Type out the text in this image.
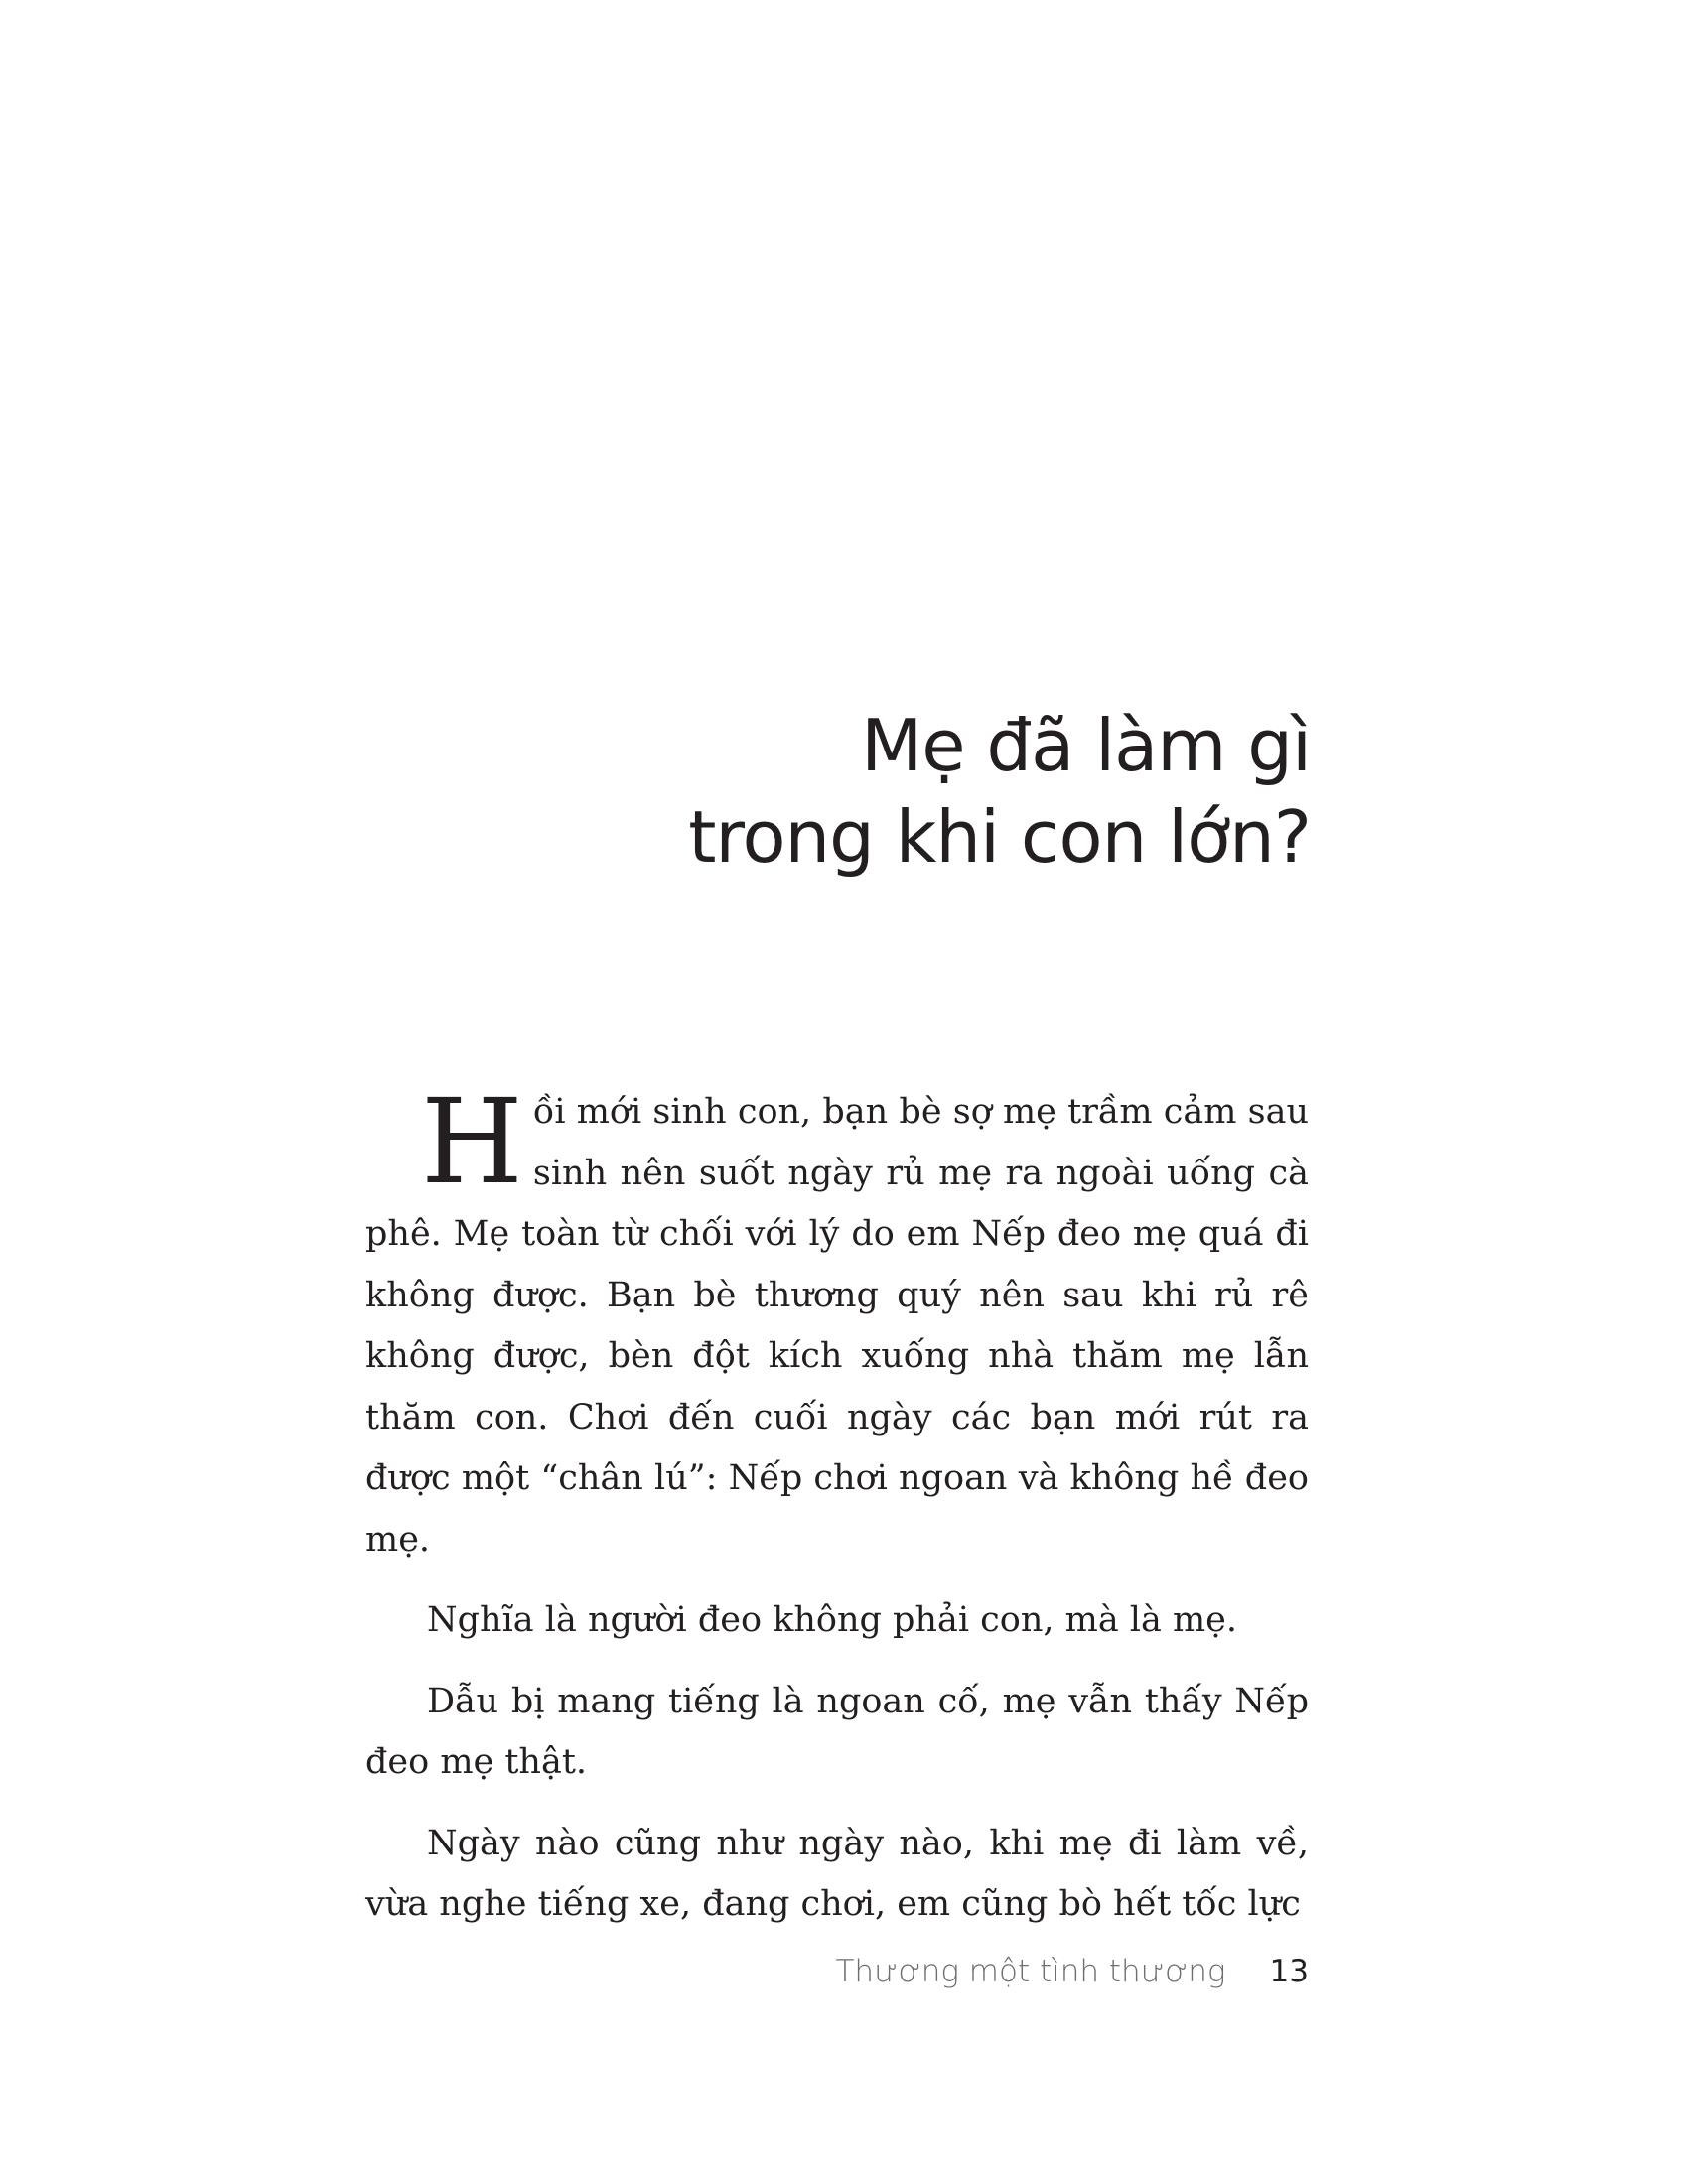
Mẹ đã làm gì
trong khi con lớn?

Hồi mới sinh con, bạn bè sợ mẹ trầm cảm sau sinh nên suốt ngày rủ mẹ ra ngoài uống cà phê. Mẹ toàn từ chối với lý do em Nếp đeo mẹ quá đi không được. Bạn bè thương quý nên sau khi rủ rê không được, bèn đột kích xuống nhà thăm mẹ lẫn thăm con. Chơi đến cuối ngày các bạn mới rút ra được một “chân lú”: Nếp chơi ngoan và không hề đeo mẹ.

Nghĩa là người đeo không phải con, mà là mẹ.

Dẫu bị mang tiếng là ngoan cố, mẹ vẫn thấy Nếp đeo mẹ thật.

Ngày nào cũng như ngày nào, khi mẹ đi làm về, vừa nghe tiếng xe, đang chơi, em cũng bò hết tốc lực

Thương một tình thương 13
